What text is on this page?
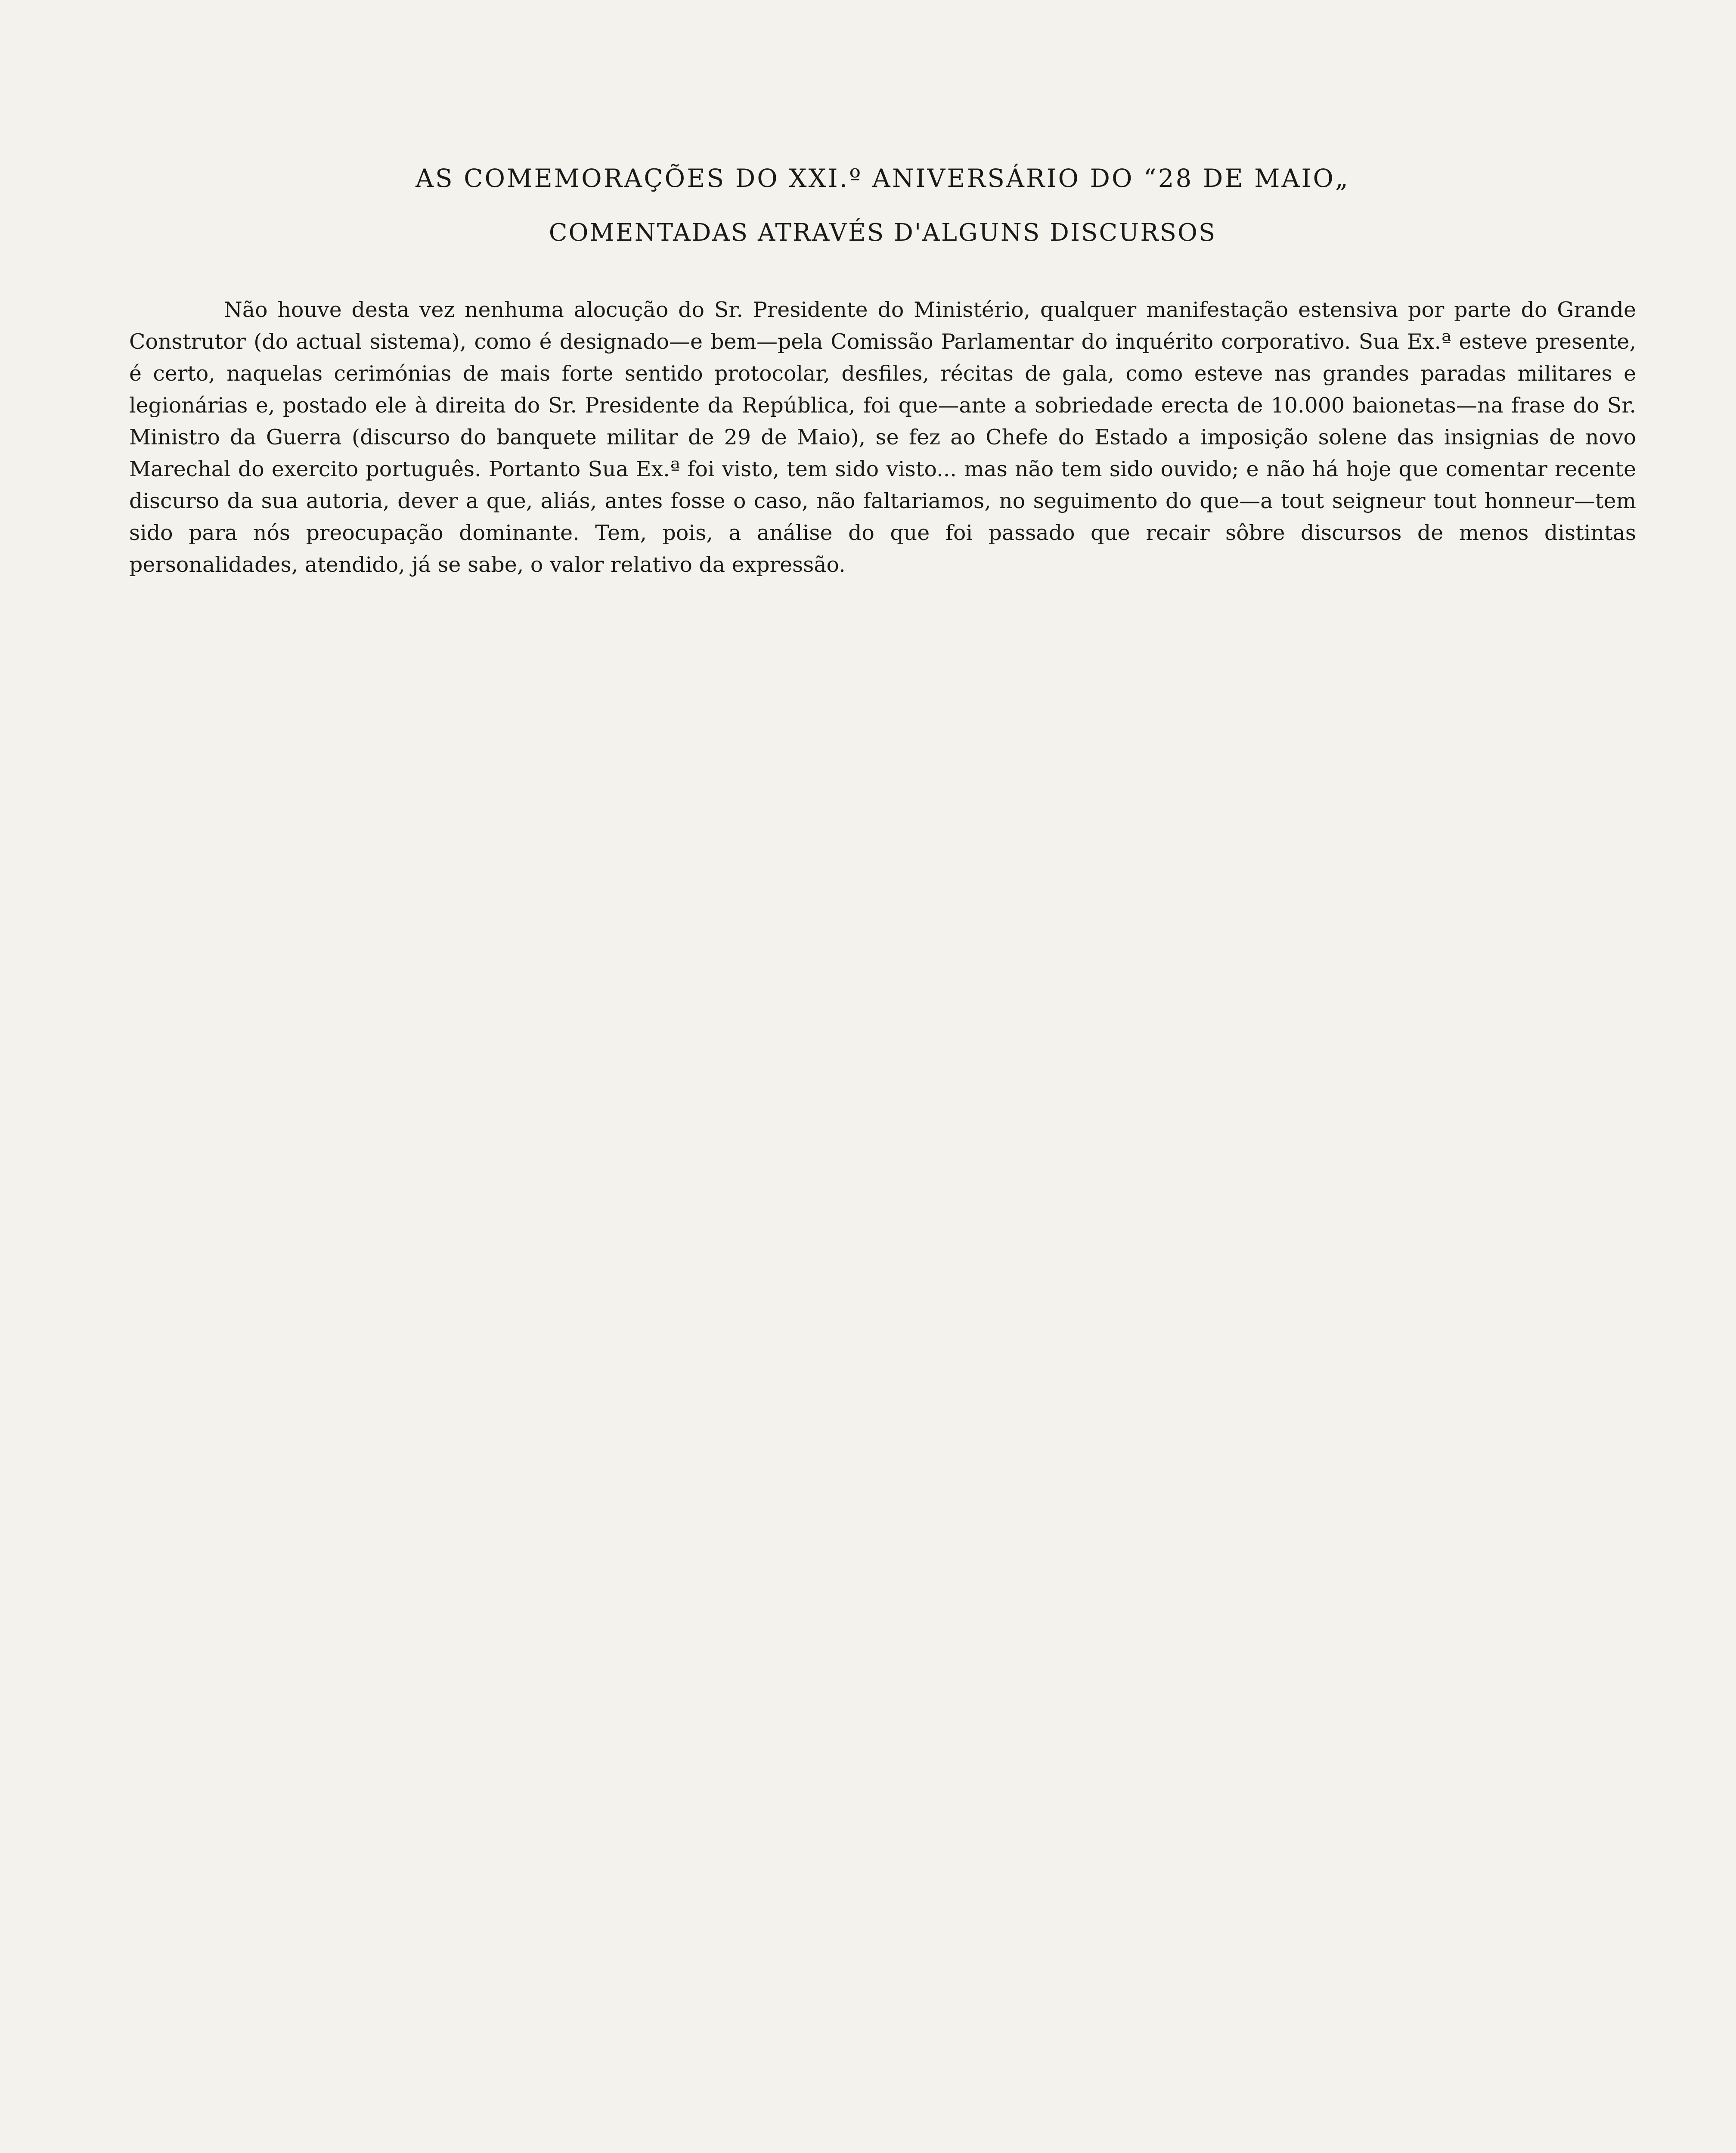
AS COMEMORAÇÕES DO XXI.º ANIVERSÁRIO DO “28 DE MAIO„
COMENTADAS ATRAVÉS D'ALGUNS DISCURSOS

Não houve desta vez nenhuma alocução do Sr. Presidente do Ministério, qualquer manifestação estensiva por parte do Grande Construtor (do actual sistema), como é designado—e bem—pela Comissão Parlamentar do inquérito corporativo. Sua Ex.ª esteve presente, é certo, naquelas cerimónias de mais forte sentido protocolar, desfiles, récitas de gala, como esteve nas grandes paradas militares e legionárias e, postado ele à direita do Sr. Presidente da República, foi que—ante a sobriedade erecta de 10.000 baionetas—na frase do Sr. Ministro da Guerra (discurso do banquete militar de 29 de Maio), se fez ao Chefe do Estado a imposição solene das insignias de novo Marechal do exercito português. Portanto Sua Ex.ª foi visto, tem sido visto... mas não tem sido ouvido; e não há hoje que comentar recente discurso da sua autoria, dever a que, aliás, antes fosse o caso, não faltariamos, no seguimento do que—a tout seigneur tout honneur—tem sido para nós preocupação dominante. Tem, pois, a análise do que foi passado que recair sôbre discursos de menos distintas personalidades, atendido, já se sabe, o valor relativo da expressão.
